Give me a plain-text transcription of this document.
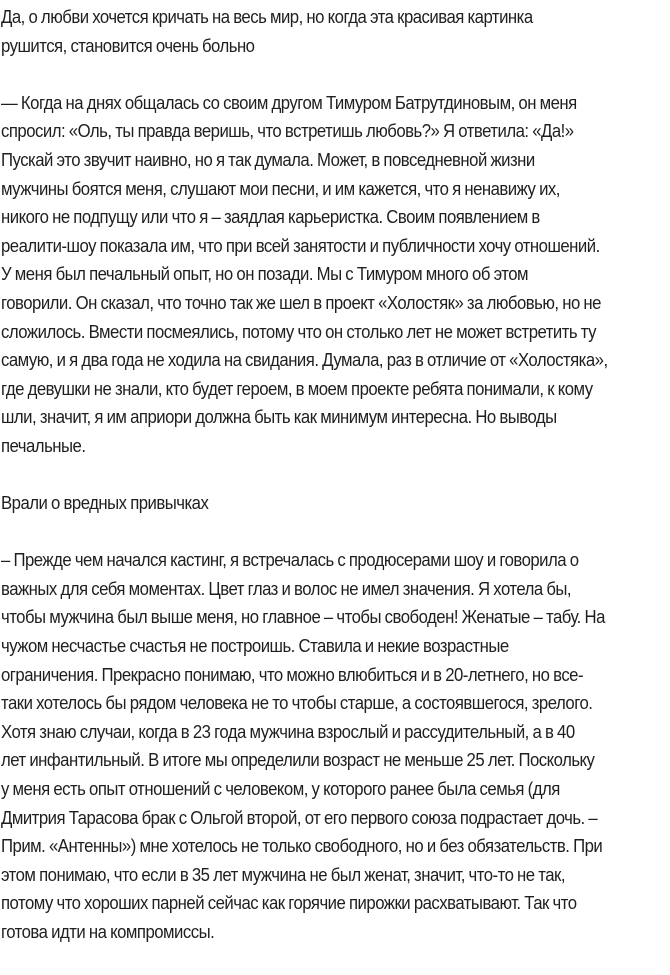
Да, о любви хочется кричать на весь мир, но когда эта красивая картинка
рушится, становится очень больно

— Когда на днях общалась со своим другом Тимуром Батрутдиновым, он меня
спросил: «Оль, ты правда веришь, что встретишь любовь?» Я ответила: «Да!»
Пускай это звучит наивно, но я так думала. Может, в повседневной жизни
мужчины боятся меня, слушают мои песни, и им кажется, что я ненавижу их,
никого не подпущу или что я – заядлая карьеристка. Своим появлением в
реалити-шоу показала им, что при всей занятости и публичности хочу отношений.
У меня был печальный опыт, но он позади. Мы с Тимуром много об этом
говорили. Он сказал, что точно так же шел в проект «Холостяк» за любовью, но не
сложилось. Вмести посмеялись, потому что он столько лет не может встретить ту
самую, и я два года не ходила на свидания. Думала, раз в отличие от «Холостяка»,
где девушки не знали, кто будет героем, в моем проекте ребята понимали, к кому
шли, значит, я им априори должна быть как минимум интересна. Но выводы
печальные.

Врали о вредных привычках

– Прежде чем начался кастинг, я встречалась с продюсерами шоу и говорила о
важных для себя моментах. Цвет глаз и волос не имел значения. Я хотела бы,
чтобы мужчина был выше меня, но главное – чтобы свободен! Женатые – табу. На
чужом несчастье счастья не построишь. Ставила и некие возрастные
ограничения. Прекрасно понимаю, что можно влюбиться и в 20-летнего, но все-
таки хотелось бы рядом человека не то чтобы старше, а состоявшегося, зрелого.
Хотя знаю случаи, когда в 23 года мужчина взрослый и рассудительный, а в 40
лет инфантильный. В итоге мы определили возраст не меньше 25 лет. Поскольку
у меня есть опыт отношений с человеком, у которого ранее была семья (для
Дмитрия Тарасова брак с Ольгой второй, от его первого союза подрастает дочь. –
Прим. «Антенны») мне хотелось не только свободного, но и без обязательств. При
этом понимаю, что если в 35 лет мужчина не был женат, значит, что-то не так,
потому что хороших парней сейчас как горячие пирожки расхватывают. Так что
готова идти на компромиссы.
